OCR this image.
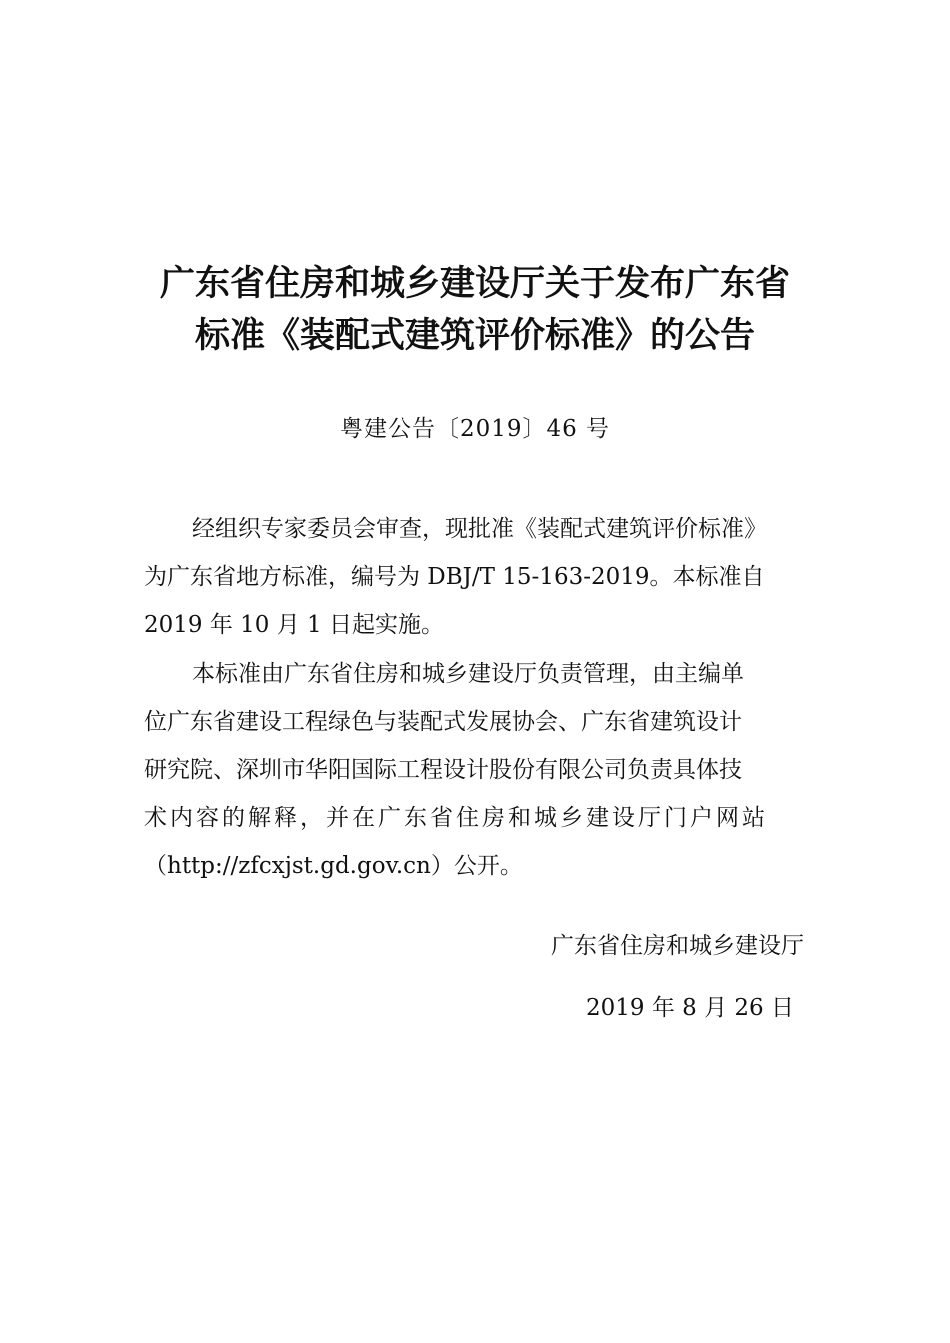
广东省住房和城乡建设厅关于发布广东省
标准《装配式建筑评价标准》的公告
粤建公告〔2019〕46 号
经组织专家委员会审查，现批准《装配式建筑评价标准》
为广东省地方标准，编号为 DBJ/T 15-163-2019。本标准自
2019 年 10 月 1 日起实施。
本标准由广东省住房和城乡建设厅负责管理，由主编单
位广东省建设工程绿色与装配式发展协会、广东省建筑设计
研究院、深圳市华阳国际工程设计股份有限公司负责具体技
术内容的解释，并在广东省住房和城乡建设厅门户网站
（http://zfcxjst.gd.gov.cn）公开。
广东省住房和城乡建设厅
2019 年 8 月 26 日
